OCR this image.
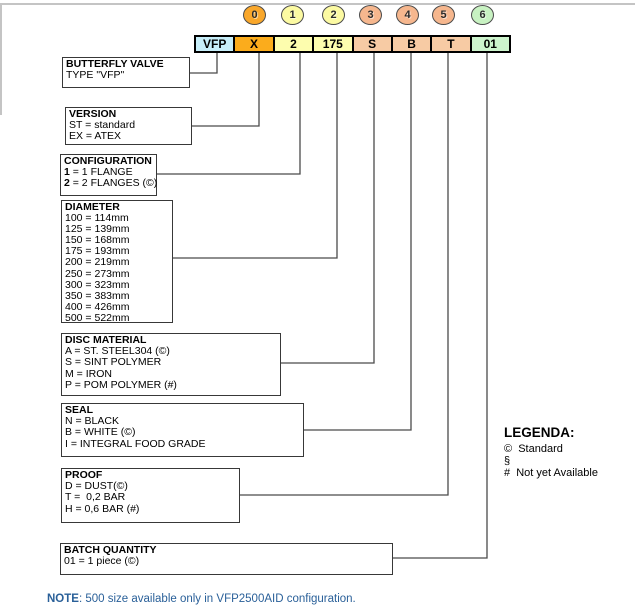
0	1	2	3	4	5	6
VFP	X	2	175	S	B	T	01
BUTTERFLY VALVE
TYPE "VFP"
VERSION
ST = standard
EX = ATEX
CONFIGURATION
1 = 1 FLANGE
2 = 2 FLANGES (©)
DIAMETER
100 = 114mm
125 = 139mm
150 = 168mm
175 = 193mm
200 = 219mm
250 = 273mm
300 = 323mm
350 = 383mm
400 = 426mm
500 = 522mm
DISC MATERIAL
A = ST. STEEL304 (©)
S = SINT POLYMER
M = IRON
P = POM POLYMER (#)
SEAL
N = BLACK
B = WHITE (©)
I = INTEGRAL FOOD GRADE
PROOF
D = DUST(©)
T =  0,2 BAR
H = 0,6 BAR (#)
BATCH QUANTITY
01 = 1 piece (©)
LEGENDA:
©  Standard
§
#  Not yet Available
NOTE: 500 size available only in VFP2500AID configuration.
